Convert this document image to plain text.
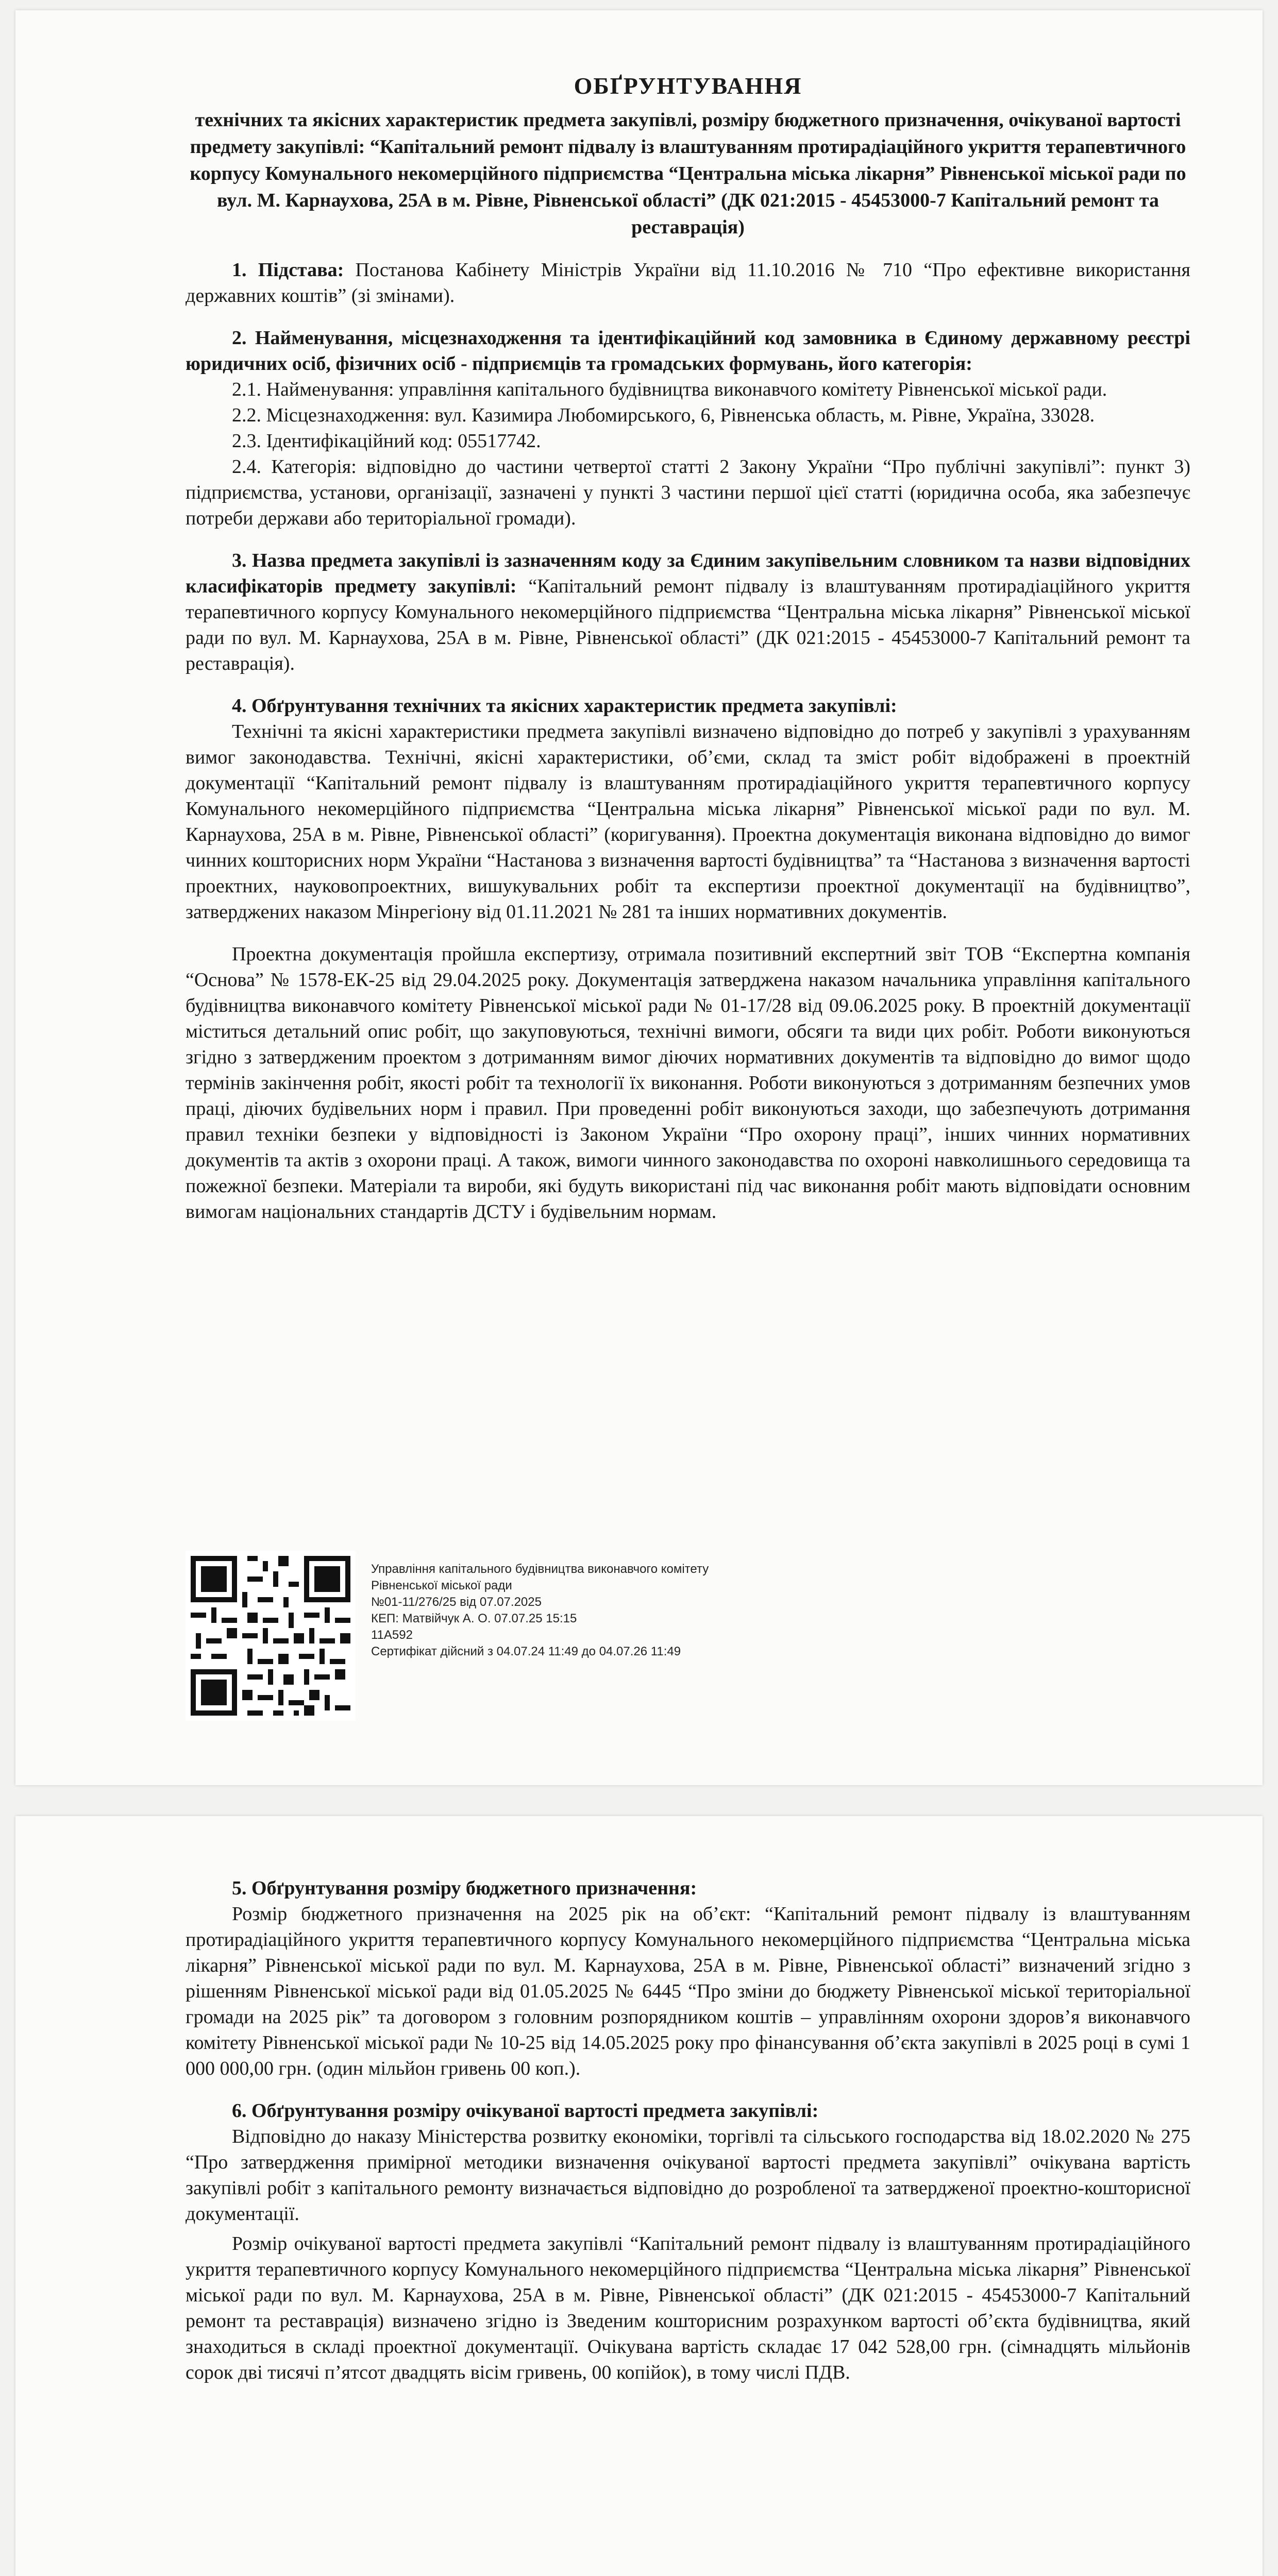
ОБҐРУНТУВАННЯ

технічних та якісних характеристик предмета закупівлі, розміру бюджетного призначення, очікуваної вартості предмету закупівлі: “Капітальний ремонт підвалу із влаштуванням протирадіаційного укриття терапевтичного корпусу Комунального некомерційного підприємства “Центральна міська лікарня” Рівненської міської ради по вул. М. Карнаухова, 25А в м. Рівне, Рівненської області” (ДК 021:2015 - 45453000-7 Капітальний ремонт та реставрація)

1. Підстава: Постанова Кабінету Міністрів України від 11.10.2016 № 710 “Про ефективне використання державних коштів” (зі змінами).

2. Найменування, місцезнаходження та ідентифікаційний код замовника в Єдиному державному реєстрі юридичних осіб, фізичних осіб - підприємців та громадських формувань, його категорія:

2.1. Найменування: управління капітального будівництва виконавчого комітету Рівненської міської ради.

2.2. Місцезнаходження: вул. Казимира Любомирського, 6, Рівненська область, м. Рівне, Україна, 33028.

2.3. Ідентифікаційний код: 05517742.

2.4. Категорія: відповідно до частини четвертої статті 2 Закону України “Про публічні закупівлі”: пункт 3) підприємства, установи, організації, зазначені у пункті 3 частини першої цієї статті (юридична особа, яка забезпечує потреби держави або територіальної громади).

3. Назва предмета закупівлі із зазначенням коду за Єдиним закупівельним словником та назви відповідних класифікаторів предмету закупівлі: “Капітальний ремонт підвалу із влаштуванням протирадіаційного укриття терапевтичного корпусу Комунального некомерційного підприємства “Центральна міська лікарня” Рівненської міської ради по вул. М. Карнаухова, 25А в м. Рівне, Рівненської області” (ДК 021:2015 - 45453000-7 Капітальний ремонт та реставрація).

4. Обґрунтування технічних та якісних характеристик предмета закупівлі:

Технічні та якісні характеристики предмета закупівлі визначено відповідно до потреб у закупівлі з урахуванням вимог законодавства. Технічні, якісні характеристики, об’єми, склад та зміст робіт відображені в проектній документації “Капітальний ремонт підвалу із влаштуванням протирадіаційного укриття терапевтичного корпусу Комунального некомерційного підприємства “Центральна міська лікарня” Рівненської міської ради по вул. М. Карнаухова, 25А в м. Рівне, Рівненської області” (коригування). Проектна документація виконана відповідно до вимог чинних кошторисних норм України “Настанова з визначення вартості будівництва” та “Настанова з визначення вартості проектних, науковопроектних, вишукувальних робіт та експертизи проектної документації на будівництво”, затверджених наказом Мінрегіону від 01.11.2021 № 281 та інших нормативних документів.

Проектна документація пройшла експертизу, отримала позитивний експертний звіт ТОВ “Експертна компанія “Основа” № 1578-ЕК-25 від 29.04.2025 року. Документація затверджена наказом начальника управління капітального будівництва виконавчого комітету Рівненської міської ради № 01-17/28 від 09.06.2025 року. В проектній документації міститься детальний опис робіт, що закуповуються, технічні вимоги, обсяги та види цих робіт. Роботи виконуються згідно з затвердженим проектом з дотриманням вимог діючих нормативних документів та відповідно до вимог щодо термінів закінчення робіт, якості робіт та технології їх виконання. Роботи виконуються з дотриманням безпечних умов праці, діючих будівельних норм і правил. При проведенні робіт виконуються заходи, що забезпечують дотримання правил техніки безпеки у відповідності із Законом України “Про охорону праці”, інших чинних нормативних документів та актів з охорони праці. А також, вимоги чинного законодавства по охороні навколишнього середовища та пожежної безпеки. Матеріали та вироби, які будуть використані під час виконання робіт мають відповідати основним вимогам національних стандартів ДСТУ і будівельним нормам.

Управління капітального будівництва виконавчого комітету
Рівненської міської ради
№01-11/276/25 від 07.07.2025
КЕП: Матвійчук А. О. 07.07.25 15:15
11A592
Сертифікат дійсний з 04.07.24 11:49 до 04.07.26 11:49

5. Обґрунтування розміру бюджетного призначення:

Розмір бюджетного призначення на 2025 рік на об’єкт: “Капітальний ремонт підвалу із влаштуванням протирадіаційного укриття терапевтичного корпусу Комунального некомерційного підприємства “Центральна міська лікарня” Рівненської міської ради по вул. М. Карнаухова, 25А в м. Рівне, Рівненської області” визначений згідно з рішенням Рівненської міської ради від 01.05.2025 № 6445 “Про зміни до бюджету Рівненської міської територіальної громади на 2025 рік” та договором з головним розпорядником коштів – управлінням охорони здоров’я виконавчого комітету Рівненської міської ради № 10-25 від 14.05.2025 року про фінансування об’єкта закупівлі в 2025 році в сумі 1 000 000,00 грн. (один мільйон гривень 00 коп.).

6. Обґрунтування розміру очікуваної вартості предмета закупівлі:

Відповідно до наказу Міністерства розвитку економіки, торгівлі та сільського господарства від 18.02.2020 № 275 “Про затвердження примірної методики визначення очікуваної вартості предмета закупівлі” очікувана вартість закупівлі робіт з капітального ремонту визначається відповідно до розробленої та затвердженої проектно-кошторисної документації.

Розмір очікуваної вартості предмета закупівлі “Капітальний ремонт підвалу із влаштуванням протирадіаційного укриття терапевтичного корпусу Комунального некомерційного підприємства “Центральна міська лікарня” Рівненської міської ради по вул. М. Карнаухова, 25А в м. Рівне, Рівненської області” (ДК 021:2015 - 45453000-7 Капітальний ремонт та реставрація) визначено згідно із Зведеним кошторисним розрахунком вартості об’єкта будівництва, який знаходиться в складі проектної документації. Очікувана вартість складає 17 042 528,00 грн. (сімнадцять мільйонів сорок дві тисячі п’ятсот двадцять вісім гривень, 00 копійок), в тому числі ПДВ.
